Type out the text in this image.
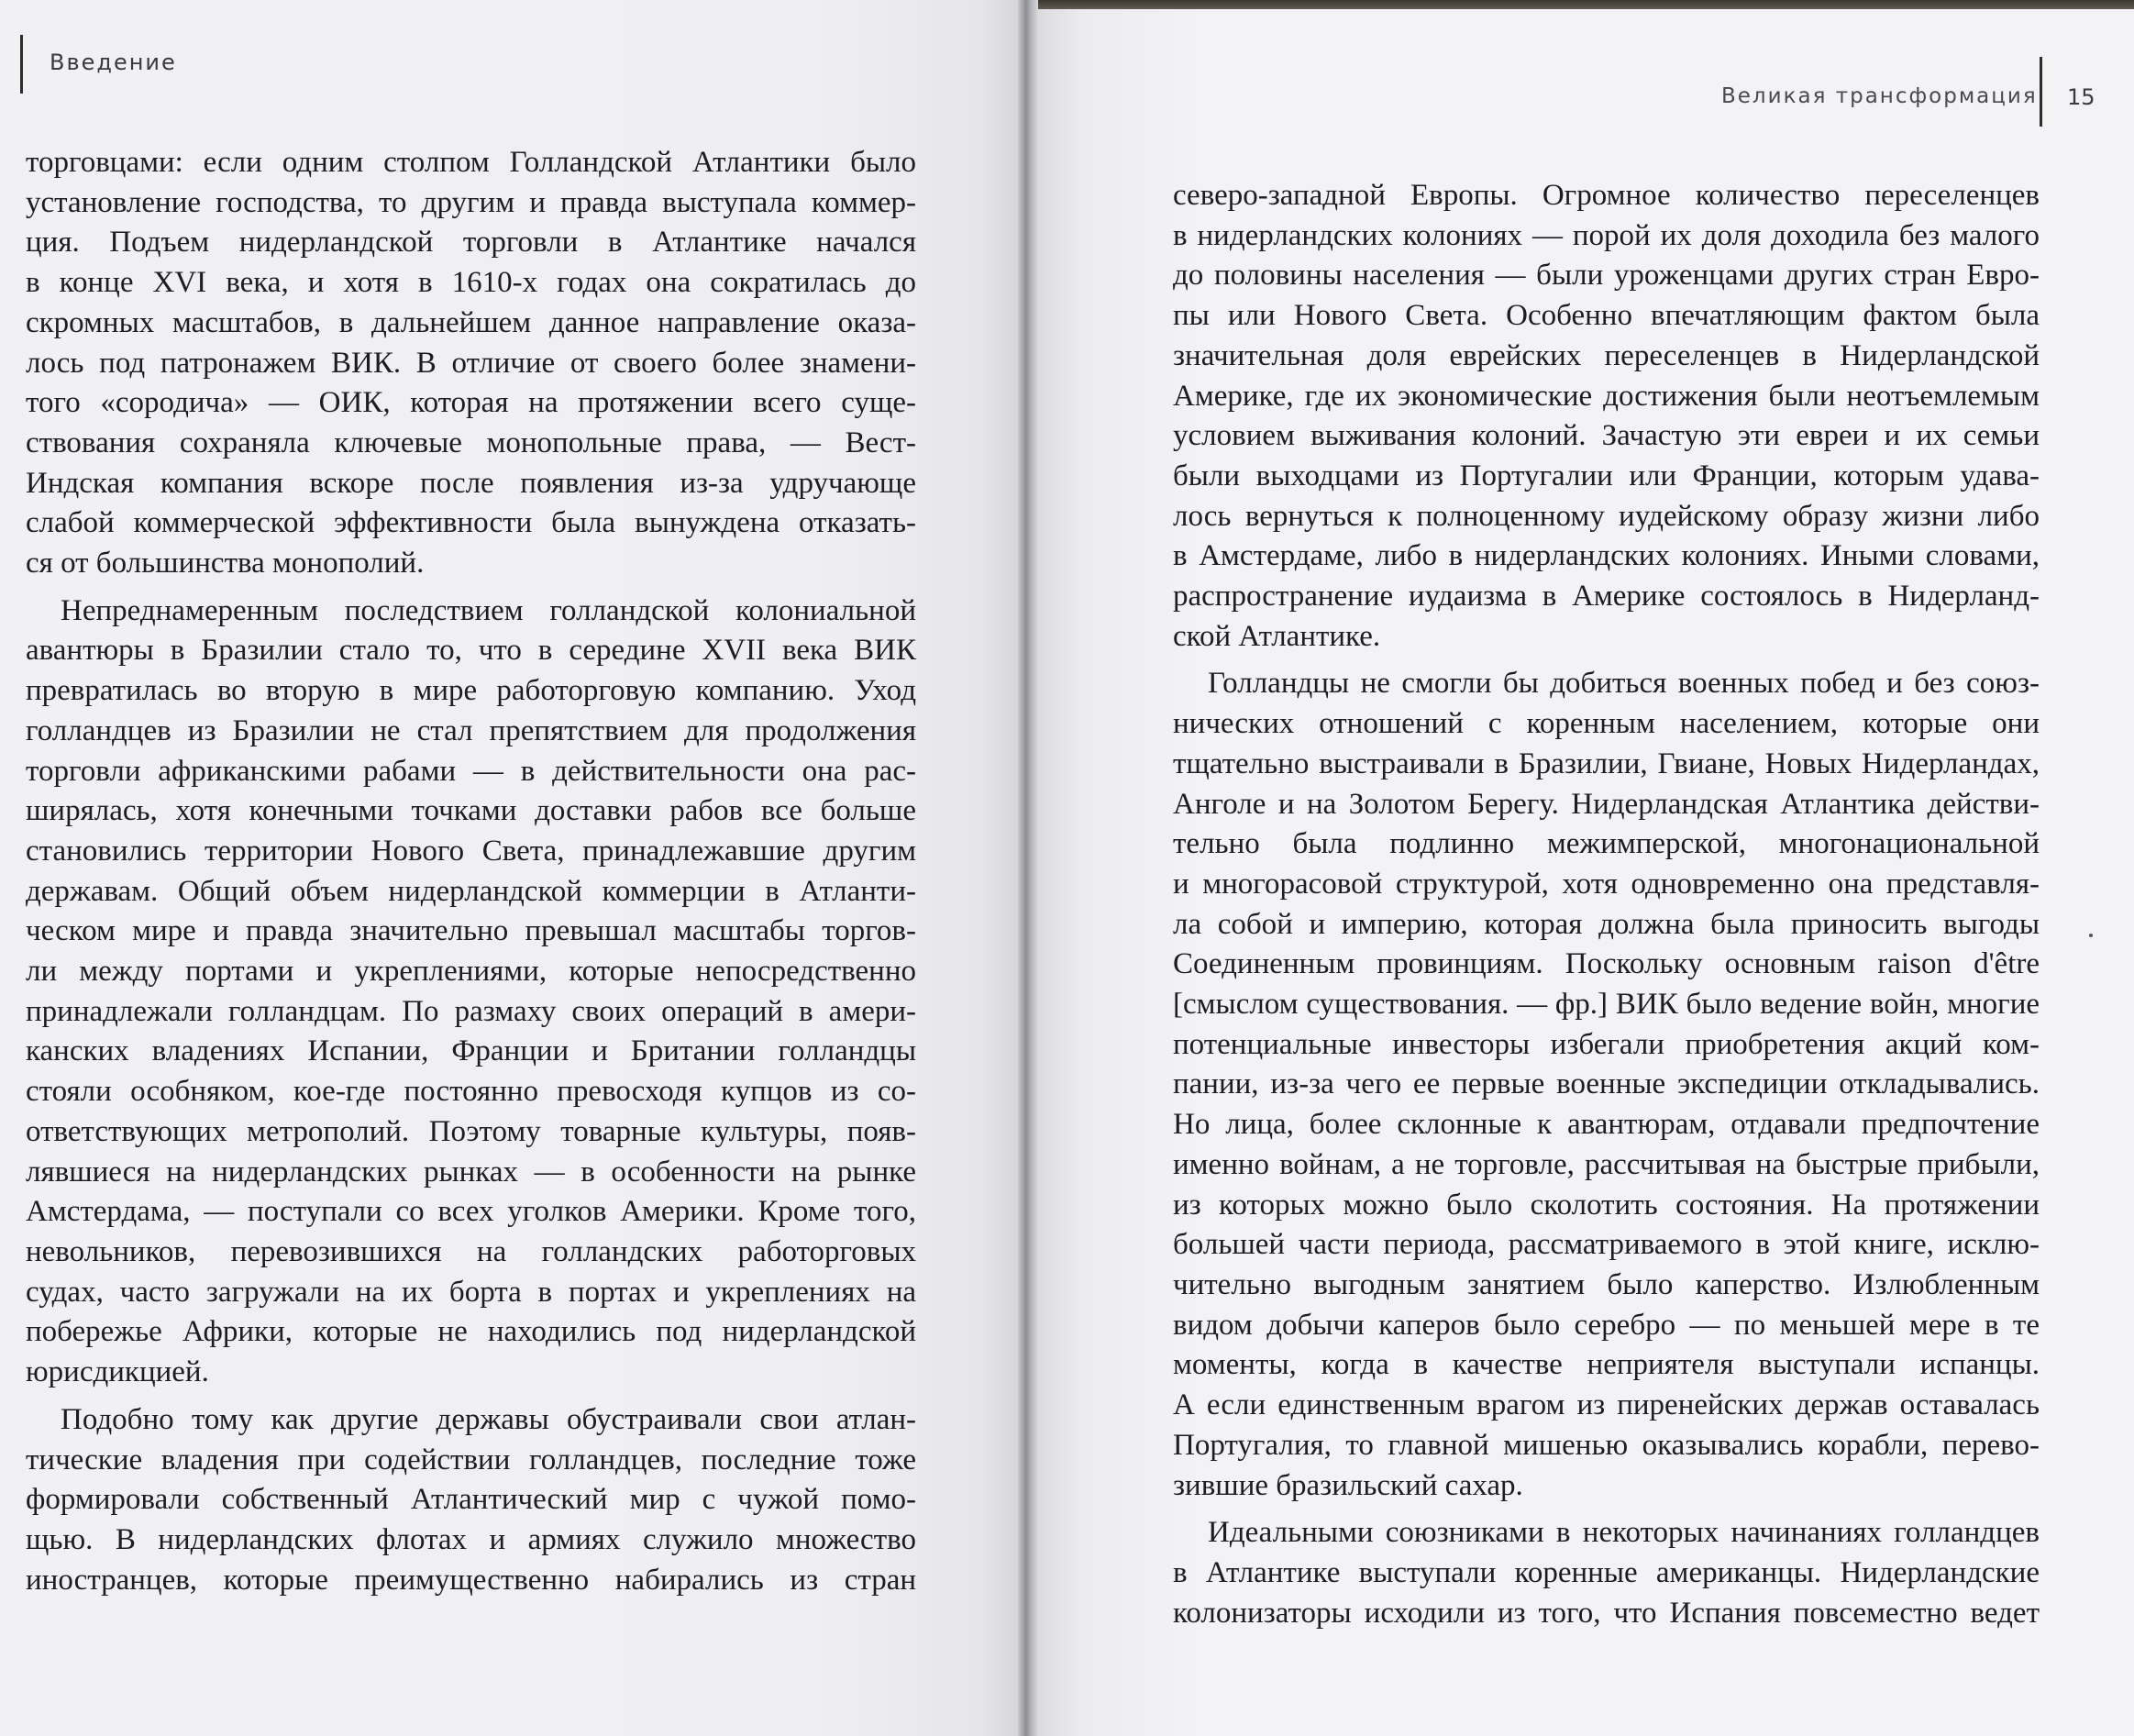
Введение
торговцами: если одним столпом Голландской Атлантики было
установление господства, то другим и правда выступала коммер-
ция. Подъем нидерландской торговли в Атлантике начался
в конце XVI века, и хотя в 1610-х годах она сократилась до
скромных масштабов, в дальнейшем данное направление оказа-
лось под патронажем ВИК. В отличие от своего более знамени-
того «сородича» — ОИК, которая на протяжении всего суще-
ствования сохраняла ключевые монопольные права, — Вест-
Индская компания вскоре после появления из-за удручающе
слабой коммерческой эффективности была вынуждена отказать-
ся от большинства монополий.
Непреднамеренным последствием голландской колониальной
авантюры в Бразилии стало то, что в середине XVII века ВИК
превратилась во вторую в мире работорговую компанию. Уход
голландцев из Бразилии не стал препятствием для продолжения
торговли африканскими рабами — в действительности она рас-
ширялась, хотя конечными точками доставки рабов все больше
становились территории Нового Света, принадлежавшие другим
державам. Общий объем нидерландской коммерции в Атланти-
ческом мире и правда значительно превышал масштабы торгов-
ли между портами и укреплениями, которые непосредственно
принадлежали голландцам. По размаху своих операций в амери-
канских владениях Испании, Франции и Британии голландцы
стояли особняком, кое-где постоянно превосходя купцов из со-
ответствующих метрополий. Поэтому товарные культуры, появ-
лявшиеся на нидерландских рынках — в особенности на рынке
Амстердама, — поступали со всех уголков Америки. Кроме того,
невольников, перевозившихся на голландских работорговых
судах, часто загружали на их борта в портах и укреплениях на
побережье Африки, которые не находились под нидерландской
юрисдикцией.
Подобно тому как другие державы обустраивали свои атлан-
тические владения при содействии голландцев, последние тоже
формировали собственный Атлантический мир с чужой помо-
щью. В нидерландских флотах и армиях служило множество
иностранцев, которые преимущественно набирались из стран
Великая трансформация 15
северо-западной Европы. Огромное количество переселенцев
в нидерландских колониях — порой их доля доходила без малого
до половины населения — были уроженцами других стран Евро-
пы или Нового Света. Особенно впечатляющим фактом была
значительная доля еврейских переселенцев в Нидерландской
Америке, где их экономические достижения были неотъемлемым
условием выживания колоний. Зачастую эти евреи и их семьи
были выходцами из Португалии или Франции, которым удава-
лось вернуться к полноценному иудейскому образу жизни либо
в Амстердаме, либо в нидерландских колониях. Иными словами,
распространение иудаизма в Америке состоялось в Нидерланд-
ской Атлантике.
Голландцы не смогли бы добиться военных побед и без союз-
нических отношений с коренным населением, которые они
тщательно выстраивали в Бразилии, Гвиане, Новых Нидерландах,
Анголе и на Золотом Берегу. Нидерландская Атлантика действи-
тельно была подлинно межимперской, многонациональной
и многорасовой структурой, хотя одновременно она представля-
ла собой и империю, которая должна была приносить выгоды
Соединенным провинциям. Поскольку основным raison d'être
[смыслом существования. — фр.] ВИК было ведение войн, многие
потенциальные инвесторы избегали приобретения акций ком-
пании, из-за чего ее первые военные экспедиции откладывались.
Но лица, более склонные к авантюрам, отдавали предпочтение
именно войнам, а не торговле, рассчитывая на быстрые прибыли,
из которых можно было сколотить состояния. На протяжении
большей части периода, рассматриваемого в этой книге, исклю-
чительно выгодным занятием было каперство. Излюбленным
видом добычи каперов было серебро — по меньшей мере в те
моменты, когда в качестве неприятеля выступали испанцы.
А если единственным врагом из пиренейских держав оставалась
Португалия, то главной мишенью оказывались корабли, перево-
зившие бразильский сахар.
Идеальными союзниками в некоторых начинаниях голландцев
в Атлантике выступали коренные американцы. Нидерландские
колонизаторы исходили из того, что Испания повсеместно ведет
